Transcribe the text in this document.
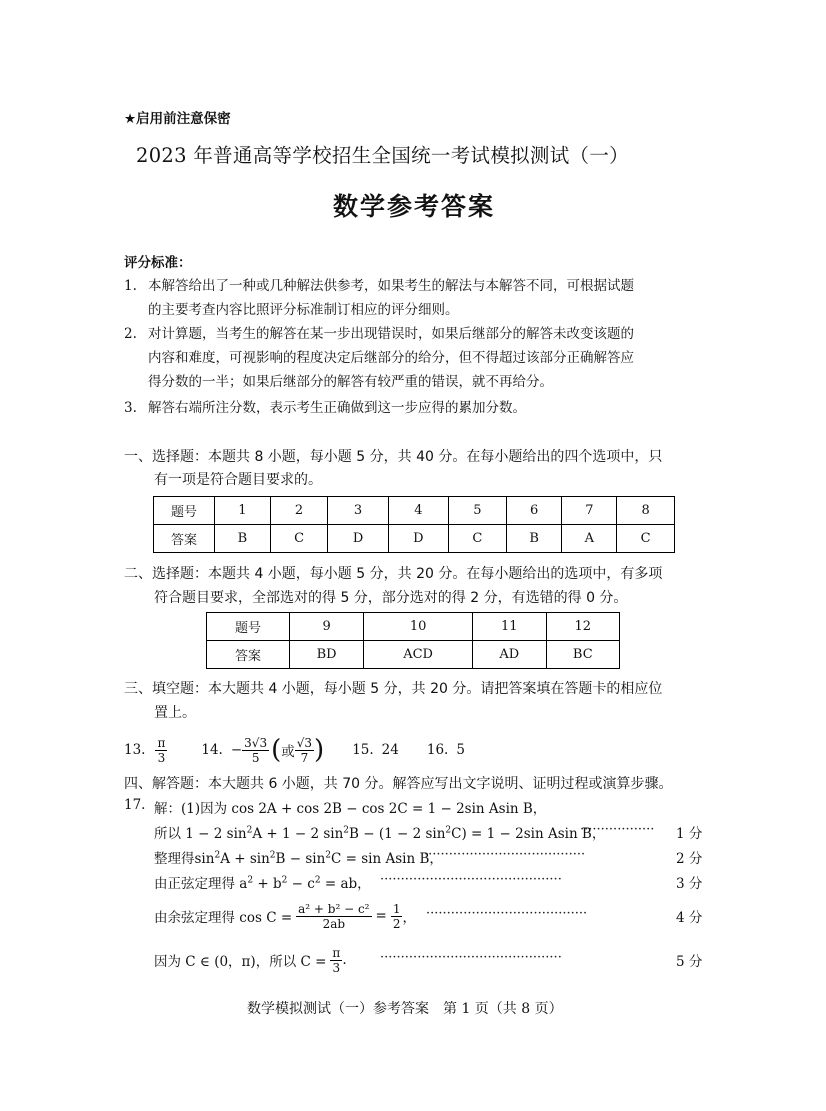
★启用前注意保密
2023 年普通高等学校招生全国统一考试模拟测试（一）
数学参考答案
评分标准：
1. 本解答给出了一种或几种解法供参考，如果考生的解法与本解答不同，可根据试题
的主要考查内容比照评分标准制订相应的评分细则。
2. 对计算题，当考生的解答在某一步出现错误时，如果后继部分的解答未改变该题的
内容和难度，可视影响的程度决定后继部分的给分，但不得超过该部分正确解答应
得分数的一半；如果后继部分的解答有较严重的错误，就不再给分。
3. 解答右端所注分数，表示考生正确做到这一步应得的累加分数。
一、选择题：本题共 8 小题，每小题 5 分，共 40 分。在每小题给出的四个选项中，只
有一项是符合题目要求的。
题号	1	2	3	4	5	6	7	8
答案	B	C	D	D	C	B	A	C
二、选择题：本题共 4 小题，每小题 5 分，共 20 分。在每小题给出的选项中，有多项
符合题目要求，全部选对的得 5 分，部分选对的得 2 分，有选错的得 0 分。
题号	9	10	11	12
答案	BD	ACD	AD	BC
三、填空题：本大题共 4 小题，每小题 5 分，共 20 分。请把答案填在答题卡的相应位
置上。
13. $\frac{\pi}{3}$	14. − $\frac{3√3}{5}$ ( 或 $\frac{√3}{7}$ ) 15. 24 16. 5
四、解答题：本大题共 6 小题，共 70 分。解答应写出文字说明、证明过程或演算步骤。
17. 解：(1)因为 cos 2A + cos 2B − cos 2C = 1 − 2sin Asin B，
所以 1 − 2 $\sin^2A + 1 - 2$ $\sin^2B - (1 - 2$ $\sin^2C) = 1 - 2\sin$ Asin B，
·················· 1 分
整理得$\sin^2A + \sin^2B - \sin^2C = \sin Asin$ B，
·······································	2 分
由正弦定理得 $a^2 + b^2 - c^2$ = ab， ············································	3 分
由余弦定理得 $\cos C = \frac{\text{a² + b² − c²}}{2ab} = \frac{1}{2}$ ， ·······································	4 分
因为 C ∈ (0，π)，所以 $C = \frac{\pi}{3}$ .	············································	5 分
数学模拟测试（一）参考答案　第 1 页（共 8 页）
